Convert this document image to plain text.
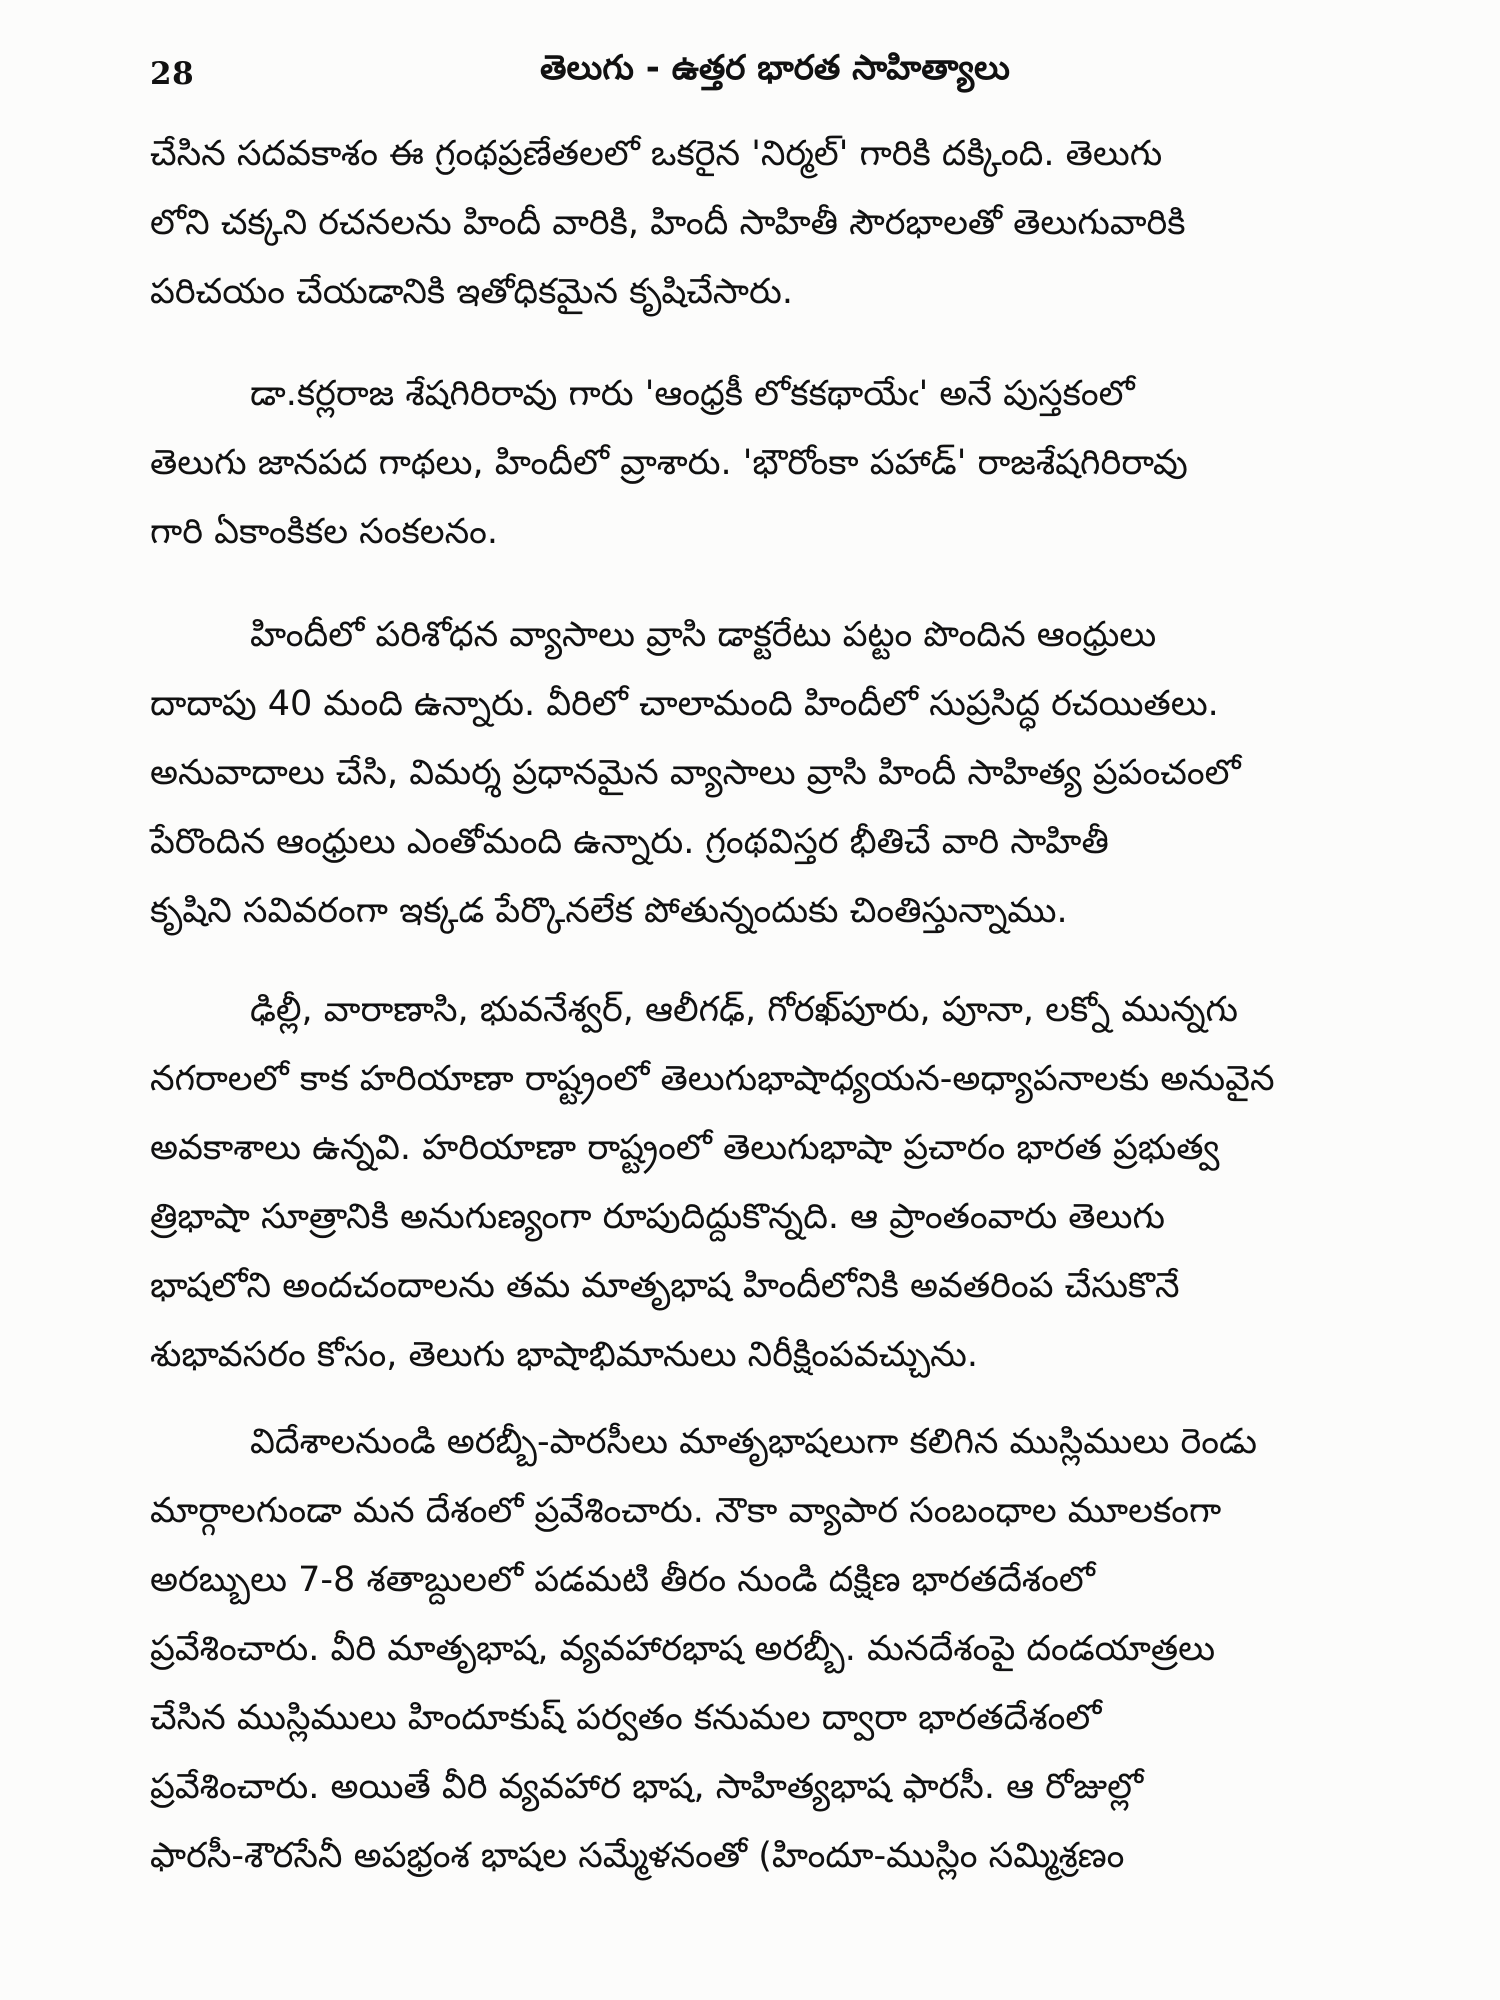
28	తెలుగు - ఉత్తర భారత సాహిత్యాలు

చేసిన సదవకాశం ఈ గ్రంథప్రణేతలలో ఒకరైన 'నిర్మల్' గారికి దక్కింది. తెలుగు
లోని చక్కని రచనలను హిందీ వారికి, హిందీ సాహితీ సౌరభాలతో తెలుగువారికి
పరిచయం చేయడానికి ఇతోధికమైన కృషిచేసారు.

డా.కర్లరాజ శేషగిరిరావు గారు 'ఆంధ్రకీ లోకకథాయేఁ' అనే పుస్తకంలో
తెలుగు జానపద గాథలు, హిందీలో వ్రాశారు. 'భౌరోంకా పహాడ్' రాజశేషగిరిరావు
గారి ఏకాంకికల సంకలనం.

హిందీలో పరిశోధన వ్యాసాలు వ్రాసి డాక్టరేటు పట్టం పొందిన ఆంధ్రులు
దాదాపు 40 మంది ఉన్నారు. వీరిలో చాలామంది హిందీలో సుప్రసిద్ధ రచయితలు.
అనువాదాలు చేసి, విమర్శ ప్రధానమైన వ్యాసాలు వ్రాసి హిందీ సాహిత్య ప్రపంచంలో
పేరొందిన ఆంధ్రులు ఎంతోమంది ఉన్నారు. గ్రంథవిస్తర భీతిచే వారి సాహితీ
కృషిని సవివరంగా ఇక్కడ పేర్కొనలేక పోతున్నందుకు చింతిస్తున్నాము.

ఢిల్లీ, వారాణాసి, భువనేశ్వర్, ఆలీగఢ్, గోరఖ్‌పూరు, పూనా, లక్నో మున్నగు
నగరాలలో కాక హరియాణా రాష్ట్రంలో తెలుగుభాషాధ్యయన-అధ్యాపనాలకు అనువైన
అవకాశాలు ఉన్నవి. హరియాణా రాష్ట్రంలో తెలుగుభాషా ప్రచారం భారత ప్రభుత్వ
త్రిభాషా సూత్రానికి అనుగుణ్యంగా రూపుదిద్దుకొన్నది. ఆ ప్రాంతంవారు తెలుగు
భాషలోని అందచందాలను తమ మాతృభాష హిందీలోనికి అవతరింప చేసుకొనే
శుభావసరం కోసం, తెలుగు భాషాభిమానులు నిరీక్షింపవచ్చును.

విదేశాలనుండి అరబ్బీ-పారసీలు మాతృభాషలుగా కలిగిన ముస్లిములు రెండు
మార్గాలగుండా మన దేశంలో ప్రవేశించారు. నౌకా వ్యాపార సంబంధాల మూలకంగా
అరబ్బులు 7-8 శతాబ్దులలో పడమటి తీరం నుండి దక్షిణ భారతదేశంలో
ప్రవేశించారు. వీరి మాతృభాష, వ్యవహారభాష అరబ్బీ. మనదేశంపై దండయాత్రలు
చేసిన ముస్లిములు హిందూకుష్ పర్వతం కనుమల ద్వారా భారతదేశంలో
ప్రవేశించారు. అయితే వీరి వ్యవహార భాష, సాహిత్యభాష ఫారసీ. ఆ రోజుల్లో
ఫారసీ-శౌరసేనీ అపభ్రంశ భాషల సమ్మేళనంతో (హిందూ-ముస్లిం సమ్మిశ్రణం
